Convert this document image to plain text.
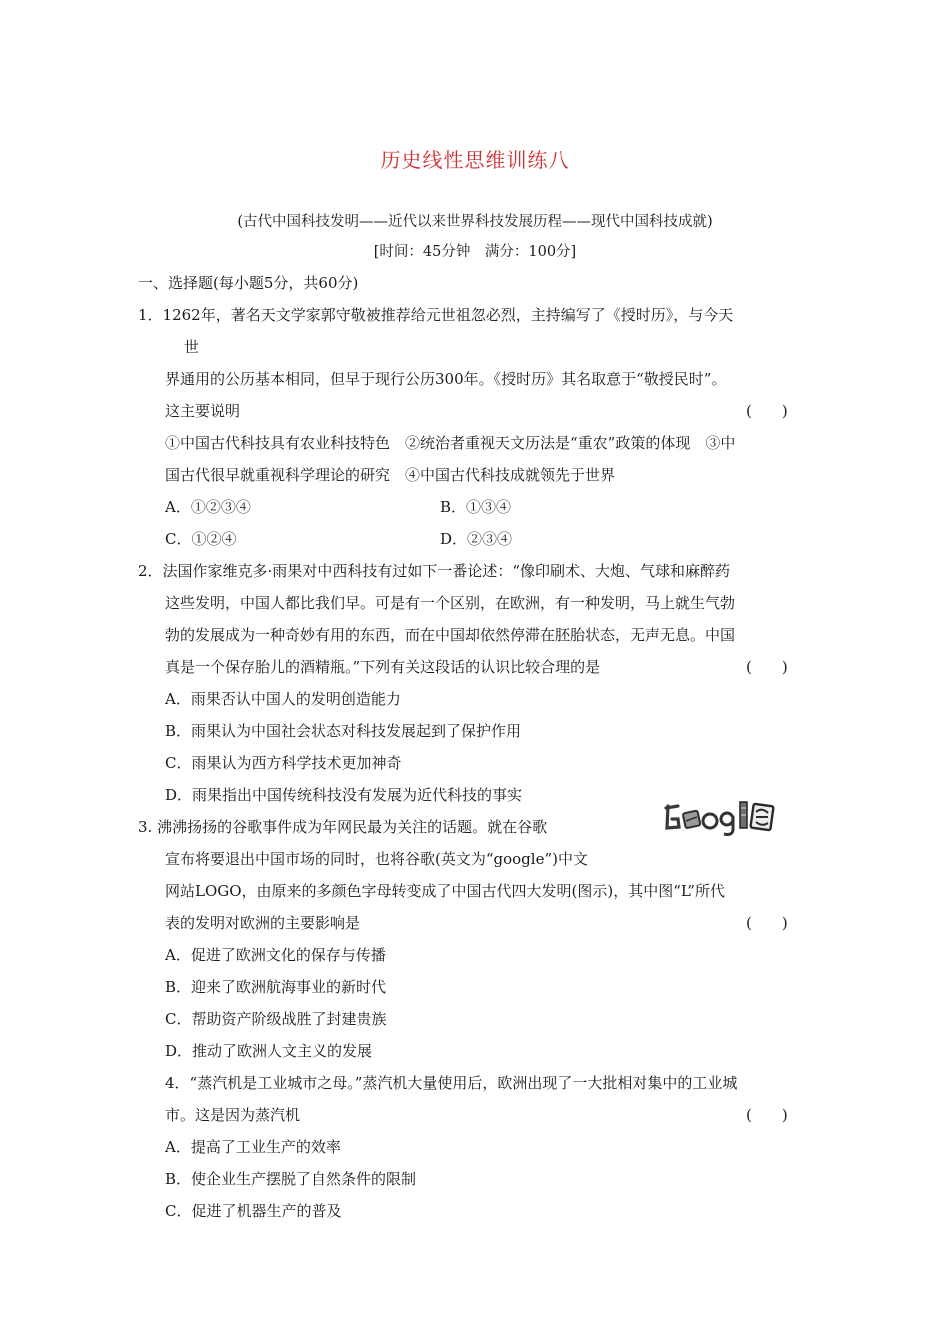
历史线性思维训练八
(古代中国科技发明——近代以来世界科技发展历程——现代中国科技成就)
[时间：45分钟　满分：100分]
一、选择题(每小题5分，共60分)
1．1262年，著名天文学家郭守敬被推荐给元世祖忽必烈，主持编写了《授时历》，与今天
世
界通用的公历基本相同，但早于现行公历300年。《授时历》其名取意于“敬授民时”。
这主要说明	(　　)
①中国古代科技具有农业科技特色　②统治者重视天文历法是“重农”政策的体现　③中
国古代很早就重视科学理论的研究　④中国古代科技成就领先于世界
A．①②③④	B．①③④
C．①②④	D．②③④
2．法国作家维克多·雨果对中西科技有过如下一番论述：“像印刷术、大炮、气球和麻醉药
这些发明，中国人都比我们早。可是有一个区别，在欧洲，有一种发明，马上就生气勃
勃的发展成为一种奇妙有用的东西，而在中国却依然停滞在胚胎状态，无声无息。中国
真是一个保存胎儿的酒精瓶。”下列有关这段话的认识比较合理的是	(　　)
A．雨果否认中国人的发明创造能力
B．雨果认为中国社会状态对科技发展起到了保护作用
C．雨果认为西方科学技术更加神奇
D．雨果指出中国传统科技没有发展为近代科技的事实
3. 沸沸扬扬的谷歌事件成为年网民最为关注的话题。就在谷歌
宣布将要退出中国市场的同时，也将谷歌(英文为“google”)中文
网站LOGO，由原来的多颜色字母转变成了中国古代四大发明(图示)，其中图“L”所代
表的发明对欧洲的主要影响是	(　　)
A．促进了欧洲文化的保存与传播
B．迎来了欧洲航海事业的新时代
C．帮助资产阶级战胜了封建贵族
D．推动了欧洲人文主义的发展
4．“蒸汽机是工业城市之母。”蒸汽机大量使用后，欧洲出现了一大批相对集中的工业城
市。这是因为蒸汽机	(　　)
A．提高了工业生产的效率
B．使企业生产摆脱了自然条件的限制
C．促进了机器生产的普及
